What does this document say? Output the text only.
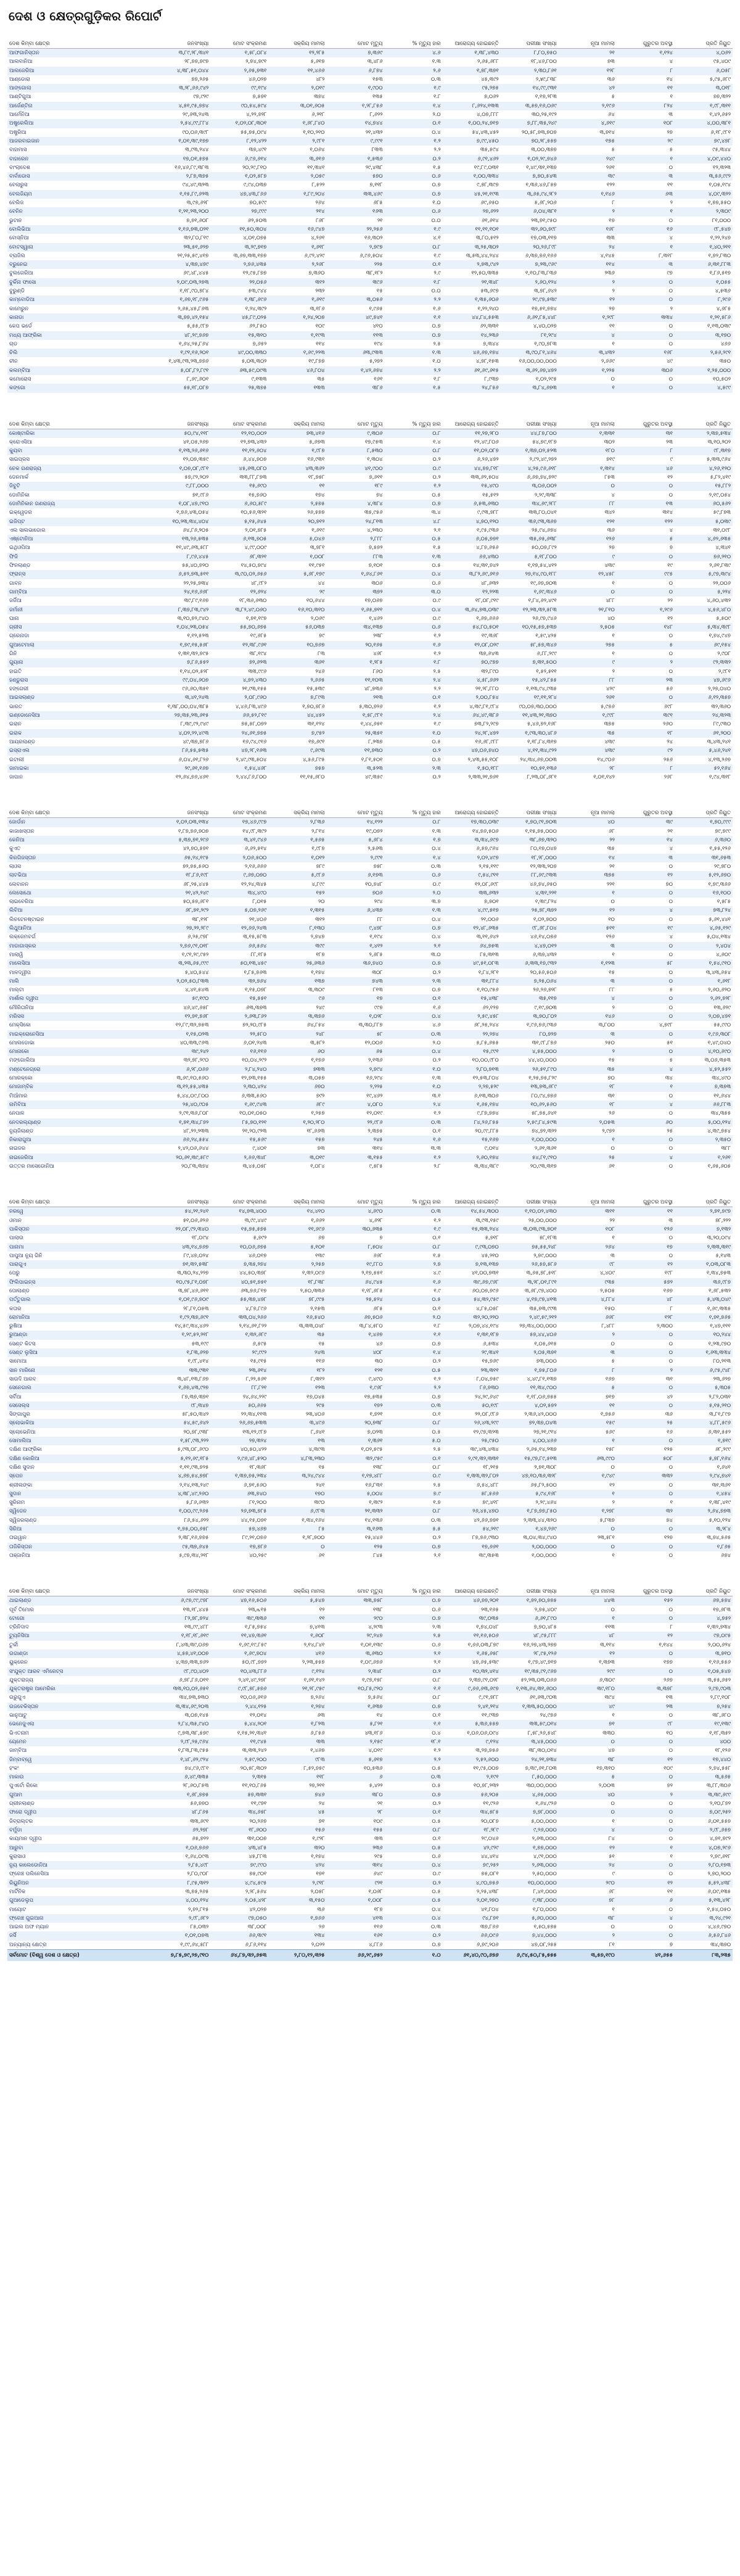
ଦେଶ ଓ କ୍ଷେତ୍ରଗୁଡ଼ିକର ରିପୋର୍ଟ
ଦେଶ କିମ୍ବା କ୍ଷେତ୍ର	ଜନସଂଖ୍ୟା	ମୋଟ ସଂକ୍ରମଣ	ସକ୍ରିୟ ମାମଲା	ମୋଟ ମୃତ୍ୟୁ	% ମୃତ୍ୟୁ ହାର	ଆରୋଗ୍ୟ ହୋଇଛନ୍ତି	ପରୀକ୍ଷା ସଂଖ୍ୟା	ନୂଆ ମାମଲା	ଗୁରୁତର ଅବସ୍ଥା	ପ୍ରତି ନିୟୁତ
ଆଫଗାନିସ୍ତାନ	୩,୮୯,୨୮,୩୪୧	୧,୫୮,୦୮୪	୧୨,୨୮୫	୭,୩୬୯	୪.୬	୧,୩୮,୪୩୦	୮,୮୦,୭୫୦	୨୧	୧,୧୨୪	୪,୦୬୨
ଆଲବାନିଆ	୨୮,୭୭,୭୯୭	୨,୭୪,୭୯୧	୫,୬୧୭	୩,୪୮୬	୧.୩	୨,୬୫,୬୮୮	୧୮,୪୬,୮୦୦	୭୩	୪	୯୫,୪୦୯
ଆଲଜେରିଆ	୪,୩୮,୫୧,୦୪୪	୨,୬୫,୭୩୧	୧୧,୪୬୬	୬,୮୭୪	୨.୬	୧,୭୮,୩୭୧	୨,୩୦,୮୬୧	୧୨୮	୮	୬,୦୫୮
ଆଣ୍ଡୋରା	୭୭,୨୬୫	୪୬,୦୨୭	୪୮୨	୧୫୩	୦.୩	୪୫,୩୯୨	୨,४୯,୮୩୮	୩୬	୧୪	୫,୯୫,୬୮୯
ଆଙ୍ଗୋଲା	୩,୨୮,୬୬,୯୪୨	୯୯,୧୯୪	୨,୦୧୯	୧,୯୦୦	୧.୯	୯୫,୨୭୫	୧୪,୯୯,୯୩୧	୪୨	୧୧	୩,୦୧୮
ଆଣ୍ଟିଗୁଆ	୯୭,୯୨୯	୭,୫୭୧	୩୭୪	୧୩୫	୧.୮	୭,୦୬୨	୧,୧୭,୨୮୩	୫	୧	୭୭,୩୨୨
ଆର୍ଜେଣ୍ଟିନା	୪,୫୧,୯୫,୭୭୪	୯୦,୫୪,୫୯୪	୩,୦୧,୬୦୫	୧,୨୮,୮୫୬	୧.୪	୮,୬୨୪,୧୩୩	୩,୫୭,୧୬,୦୬୯	୨,୧୯୬	୮୨୪	୧,୯୮,୩୧୧
ଆର୍ମେନିଆ	୨୯,୬୩,୨୪୩	୪,୨୨,୭୨୮	୬,୨୧୮	୮,୬୨୨	୨.୦	୪,୦୭,୮୮୮	୩୦,୨୫,୧୯୨	୬୪	୩	୧,୪୨,୬୫୨
ଅଷ୍ଟ୍ରେଲିଆ	୨,୫୪,୯୯,୮୮୪	୧,୦୨,୦୮,୩୦୧	୧,୬୮,୮୪୦	୧୪,୭୪୪	୦.୧	୧,୦୦,୨୪,୭୧୭	୭,୮୮,୩୫,୨୪୯	୪,୬୧୯	୧୦୮	୪,୦୦,୩୮୧
ଅଷ୍ଟ୍ରିଆ	୯୦,୦୬,୩୯୮	୫୫,୭୫,୦୯୪	୧,୧୦,୨୧୦	୨୧,୪୩୨	୦.୪	୫୪,୪୩,୪୫୨	୨୦,୫୮,୭୩,୭୦୭	୩,୭୧୪	୨୭	୬,୧୮,୯୮୧
ଆଜରବାଇଜାନ	୧,୦୧,୩୯,୧୭୭	୮,୧୨,୪୨୨	୨,୯୮୧	୯,୯୯୧	୧.୨	୭,୯୯,୪୫୦	୭୦,୨୮,୫୫୭	୧୭୫	୨୯	୭୯,୪୭୮
ବାହାମାସ	୩,୯୩,୨୪୪	୩୭,୪୯୧	୧,୦୬୪	୮୩୩	୨.୨	୩୫,୫୯୪	୩,୦୦,୩୭୭	୫	୫	୯୫,୩୪୪
ବାହାରେନ	୧୭,୦୧,୫୭୫	୬,୯୬,୬୧୪	୩,୬୧୬	୧,୫୩୬	୦.୨	୬,୯୧,୪୬୨	୧,୦୨,୨୯,୭୪୬	୨୪୯	୧	୪,୦୯,୪୪୦
ବାଂଲାଦେଶ	୧୬,୪୬,୮୯,୩୮୩	୨୦,୨୯,୮୧୦	୧୧,୩୪୧	୨୯,୪୩୮	୧.୫	୧୯,୮୯,୦୩୧	୧,୪୯,୩୧,୧୩୭	୨୬୧	୦	୧୨,୩୨୩
ବାର୍ବାଡୋସ	୨,୮୭,୩୭୫	୧,୦୨,୫୮୭	୨,୦୫୯	୫୭୦	୦.୬	୧,୦୦,୩୩୪	୭,୭୦,୫୪୩	୩୯	୩	୩,୫୬,୯୯୨
ବେଲାରୁସ	୯୪,୪୯,୩୨୩	୯,୯୪,୦୩୭	୮,୫୨୨	୭,୧୧୮	୦.୭	୯,୭୮,୩୯୭	୧,୩୬,୪୬,୮୫୭	୧୨୨	୧୧	୧,୦୫,୧୯୪
ବେଲଜିୟମ	୧,୧୫,୮୯,୬୨୩	୪୭,୪୩,୮୬୬	୧,୮୯,୨୦୪	୩୩,୪୬୯	୦.୭	୪୫,୨୧,୧୯୩	୩,୬୫,୯୪,୨୮୨	୧,୧୪୬	୬୩	୪,୦୯,୩୨୨
ବେଲିଜ	୩,୯୭,୬୨୮	୭୦,୫୯୯	୨୬୪	୬୮୫	୧.୦	୬୯,୬୫୦	୫,୬୮,୨୦୬	୮	୨	୧,୭୭,୫୫୦
ବେନିନ	୧,୨୧,୨୩,୨୦୦	୨୭,୯୯୯	୨୧୪	୧୬୩	୦.୬	୨୭,୬୨୨	୬,୦୪,୩୮୧	୨	୧	୨,୩୦୯
ଭୁଟାନ	୭,୭୧,୬୦୮	୬୨,୫୦୩	୮୬୮	୨୧	୦.୦	୬୧,୬୧୪	୨୩,୭୧,୯୫୦	୧୭	୦	୮୧,୦୦୦
ବୋଲିଭିଆ	୧,୧୬,୭୩,୦୨୧	୧୧,୫୦,୩୦୪	୧୬,୯୪୭	୨୨,୨୫୬	୧.୯	୧୧,୧୧,୧୦୧	୩୨,୬୦,୭୯୮	୧୬୮	୧୬	୯୮,୫୪୭
ବୋସ୍ନିଆ	୩୨,୮୦,୮୧୯	୪,୦୧,୦୭୫	୪,୨୬୧	୧୬,୩୦୨	୪.୧	୩,୮୦,୫୧୨	୧୭,୦୩,୧୧୭	୩୩	୪	୧,୨୨,୨୪୭
ବୋଟସ୍ୱାନା	୨୩,୫୧,୬୨୭	୩,୨୯,୭୧୭	୧,୬୧୮	୨,୭୯୭	୦.୮	୩,୨୫,୩୦୨	୨୦,୨୬,୮୯୮	୨୪	୧	୧,୪୦,୨୧୧
ବ୍ରାଜିଲ	୨୧,୨୫,୫୯,୪୧୭	୩,୬୭,୩୩,୧୭୭	୬,୯୨,୪୨୯	୬,୯୬,୫୦୪	୧.୯	୩,୫୩,୪୪,୨୪୪	୬,୩୭,୭୬,୧୬୬	୪,୧୪୫	୮,୩୧୮	୧,୭୨,୮୩୦
ବ୍ରୁନେଇ	୪,୩୭,୪୭୯	୨,୭୬,୪୩୫	୨,୨୬୮	୨୨୫	୦.୧	୨,୭୩,୯୪୨	୭,୨୩,୯୬୯	୧୧୪	୩	୬,୩୧,୮୮୩
ବୁଲଗେରିଆ	୬୯,୪୮,୪୪୫	୧୨,୯୫,୮୭୭	୭,୩୬୦	୩୮,୧୮୨	୨.୯	୧୨,୫୦,୩୩୫	୧,୧୦,୮୩,୮୩୬	୨୩୬	୯୭	୧,୮୬,୫୧୭
ବୁର୍କିନା ଫାସୋ	୨,୦୯,୦୩,୨୭୩	୨୨,୦୫୬	୩୧୨	୩୯୬	୧.୮	୨୧,୩୪୮	୨,୬୦,୧୨୪	୨	୦	୧,୦୫୫
ବୁରୁଣ୍ଡି	୧,୧୮,୯୦,୭୮୪	୫୩,୯୪୪	୨୩୨	୧୫	୦.୦	୫୩,୬୯୭	୩,୭୮,୬୪୨	୨	୦	୪,୫୩୬
କାମ୍ବୋଡିଆ	୧,୬୭,୧୮,୯୬୫	୧,୩୮,୬୯୬	୧,୬୧୯	୩,୦୫୬	୨.୨	୧,୩୫,୬୦୬	୨୯,୯୭,୫୩୯	୧୨	୦	୮,୨୯୬
କାମେରୁନ	୨,୬୫,୪୫,୮୬୩	୧,୨୪,୩୯୨	୩,୧୮୬	୧,୯୬୫	୧.୬	୧,୨୨,୨୪୦	୧୭,୫୧,୭୭୪	୨୭	୨	୪,୬୮୫
କାନାଡା	୩,୭୭,୪୨,୧୫୪	୪୫,୮୯,୦୨୫	୧,୨୪,୨୦୭	୪୯,୭୪୧	୧.୧	୪୪,୮୪,୫୫୩	୬,୬୧,୮୫,୪୪୮	୧,୨୯୮	୩୩୪	୧,୨୧,୫୮୬
କେପ ଭର୍ଡେ	୫,୫୫,୯୮୭	୬୨,୮୫୦	୧୦୯	୪୧୦	୦.୭	୬୨,୩୩୧	୪,୪୦,୦୨୭	୧୧	୦	୧,୧୩,୦୩୯
ମଧ୍ୟ ଆଫ୍ରିକା	୪୮,୨୯,୭୬୭	୧୫,୩୧୦	୧,୧୯୩	୧୧୩	୦.୭	୧୪,୨୩୬	୮୧,୨୯୪	୪	୦	୩,୧୭୦
ଚାଡ	୧,୬୪,୨୫,୮୬୪	୭,୬୫୨	୧୧୪	୧୯୪	୨.୫	୭,୩୪୪	୧,୯୦,୭୮୩	୧	୦	୪୬୬
ଚିଲି	୧,୯୧,୧୬,୨୦୧	୪୯,୦୦,୩୩୦	୧,୬୯,୨୨୩	୬୩,୯୩୩	୧.୩	୪୬,୬୭,୧୭୪	୩,୯୦,୮୧,୪୬୪	୩,୪୩୨	୧୬୮	୨,୫୬,୨୯୧
ଚୀନ	୧,୪୩,୯୩,୨୩,୭୭୬	୫,୦୩,୩୦୨	୧୯,୮୭୭	୫,୨୭୨	୧.୦	୪,୭୮,୧୫୩	୧୬,୦୦,୦୦,୦୦୦	୨,୬୬୯	୪୯	୩୫୦
କଲମ୍ବିଆ	୫,୦୮,୮୨,୮୯୧	୬୩,୫୯,୦୯୩	୪୬,୮୦୪	୧,୪୨,୬୭୪	୨.୨	୬୧,୬୯,୬୧୫	୩,୬୨,୬୭,୪୭୨	୧,୨୨୫	୩୦୬	୧,୨୫,୦୦୦
କମୋରୋସ	୮,୬୯,୬୦୧	୯,୧୩୩	୩୫	୧୬୧	୧.୮	୮,୯୩୭	୧,୦୨,୨୯୫	୦	୦	୧୦,୫୦୨
କଙ୍ଗୋ	୫୫,୧୮,୦୮୭	୨୫,୩୭୫	୧୩୩	୩୮୬	୧.୫	୨୪,୮୫୬	୩,୮୪,୬୭୩	୧	୦	୪,୫୯୯
ଦେଶ କିମ୍ବା କ୍ଷେତ୍ର	ଜନସଂଖ୍ୟା	ମୋଟ ସଂକ୍ରମଣ	ସକ୍ରିୟ ମାମଲା	ମୋଟ ମୃତ୍ୟୁ	% ମୃତ୍ୟୁ ହାର	ଆରୋଗ୍ୟ ହୋଇଛନ୍ତି	ପରୀକ୍ଷା ସଂଖ୍ୟା	ନୂଆ ମାମଲା	ଗୁରୁତର ଅବସ୍ଥା	ପ୍ରତି ନିୟୁତ
କୋଷ୍ଟାରିକା	୫୦,୯୪,୧୧୮	୧୨,୧୦,୦୦୨	୭୩,୪୧୬	୯,୩୦୬	୦.୮	୧୧,୨୭,୨୮୦	୪୪,୮୭,୮୦୦	୧,୩୩୧	୩୧	୨,୩୭,୫୩୪
କ୍ରୋଏସିଆ	୪୧,୦୫,୨୬୭	୧୨,୭୩,୪୩୨	୫,୬୭୩	୧୭,୯୫୩	୧.୪	୧୨,୪୯,୮୦୬	୫୪,୭୯,୧୮୭	୩୦୨	୨୩	୩,୧୦,୨୦୨
କ୍ୟୁବା	୧,୧୩,୨୬,୬୧୬	୧୧,୧୨,୬୦୪	୧,୯୮୭	୮,୫୩୦	୦.୮	୧୧,୦୨,୦୮୭	୧,୩୭,୦୨,୫୨୩	୧୮୦	୮	୯୮,୩୧୭
ସାଇପ୍ରସ	୧୨,୦୭,୩୫୯	୬,୪୪,୭୦୭	୧୬,୯୩୧	୧,୩୦୪	୦.୨	୬,୨୬,୪୭୨	୨,୯୨,୪୯,୨୭୨	୭୧୯	୯	୫,୩୩,୯୬୪
ଚେକ ଗଣରାଜ୍ୟ	୧,୦୭,୦୮,୯୮୧	୪୫,୬୩,୦୮୦	୪୩,୩୬୨	୪୧,୯୦୦	୦.୯	୪୪,୭୭,୮୧୮	୪,୨୫,୯୬,୬୧୮	୧,୩୧୪	୪୬	୪,୨୬,୧୨୦
ଡେନମାର୍କ	୫୭,୯୨,୨୦୨	୩୩,୮୮,୮୭୩	୧୮,୭୫୮	୭,୬୧୧	୦.୨	୩୩,୬୨,୫୦୪	୬,୬୭,୭୪,୭୨୯	୮୫୩	୧୨	୫,୮୨,୪୧୯
ଜିବୁଟି	୯,୮୮,୦୦୦	୧୫,୬୯୦	୧୧	୧୮୯	୧.୨	୧୫,୪୯୦	୩,୦୬,୦୦୨	୦	୦	୧୫,୮୮୨
ଡୋମିନିକା	୭୧,୯୮୬	୧୫,୭୬୦	୧୭୪	୭୪	୦.୫	୧୫,୫୧୨	୨,୨୯,୩୩୮	୪	୦	୨,୧୯,୦୫୪
ଡୋମିନିକାନ ଗଣରାଜ୍ୟ	୧,୦୮,୪୭,୯୧୦	୬,୬୦,୫୮୯	୨,୫୭୫	୪,୩୮୪	୦.୭	୬,୫୩,୬୩୦	୩୪,୬୯,୨୮୮	୮୮	୧୩	୬୦,୫୬୨
ଇକ୍ୱେଡର	୧,୭୬,୪୩,୦୫୪	୧୦,୫୬,୩୨୧	୨୬,୫୭୭	୩୫,୯୫୬	୩.୪	୯,୯୩,୭୮୮	୩୩,୮୦,୦୪୧	୩୪୨	୩୧୪	୫୯,୮୭୩
ଇଜିପ୍ଟ	୧୦,୨୩,୩୪,୪୦୪	୫,୧୫,୬୪୫	୨୦,୭୧୨	୨୪,୮୧୩	୪.୮	୪,୭୦,୧୨୦	୩୬,୯୩,୩୬୭	୧୨୧	୧୨୨	୫,୦୩୯
ଏଲ ସାଲଭାଡୋର	୬୪,୮୬,୨୦୫	୨,୦୧,୭୮୫	୧,୬୧୯	୪,୨୩୦	୨.୧	୧,୯୫,୯୩୬	୨୫,୯୪,୬୭୪	୩୬	୪	୩୧,୦୯୮
ଏଷ୍ଟୋନିଆ	୧୩,୨୬,୫୩୫	୬,୧୩,୭୦୫	୫,୦୪୬	୨,୮୮୮	୦.୫	୬,୦୫,୭୭୧	୩୫,୬୫,୬୩୮	୧୨୬	୫	୪,୬୨,୬୩୫
ଇଥିଓପିଆ	୧୧,୪୯,୬୩,୫୮୮	୪,୯୯,୦୦୯	୩,୭୮୧	୭,୫୭୨	୧.୫	୪,୮୭,୬୫୬	୫୦,୦୭,୮୯୨	୨୭	୭	୪,୩୪୧
ଫିଜି	୮,୯୬,୪୪୫	୬୮,୩୨୧	୧,୦୦୮	୮୮୩	୧.୩	୬୬,୪୩୦	୫,୧୮,୮୦୦	୯	୦	୭୬,୨୧୦
ଫିନଲାଣ୍ଡ	୫୫,୪୦,୭୨୦	୧୪,୫୦,୭୯୪	୧୧,୯୫୧	୭,୧୦୧	୦.୫	୧୪,୩୧,୭୪୨	୧,୧୭,୫୪,୪୧୨	୪୩୯	୧୯	୨,୬୧,୮୩୯
ଫ୍ରାନ୍ସ	୬,୫୨,୭୩,୫୧୧	୩,୯୦,୦୨,୬୫୬	୫,୬୮,୧୭୯	୧,୬୪,୮୬୧	୦.୪	୩,୮୨,୬୯,୬୧୬	୨୭,୧୪,୯୦,୧୮୮	୧୨,୪୫୮	୯୯୫	୫,୯୭,୩୯୪
ଗାବନ	୨୨,୨୫,୭୩୪	୪୮,୯୮୨	୪୪	୩୦୬	୦.୬	୪୮,୬୩୨	୧୯,୬୭,୭୦୩	୧	୦	୨୨,୦୦୬
ଗାମ୍ବିଆ	୨୪,୧୬,୬୬୮	୧୨,୬୨୪	୨୯	୩୭୨	୩.୦	୧୨,୨୨୩	୧,୬୯,୩୪୬	୦	୦	୫,୨୨୪
ଜର୍ଜିଆ	୩୯,୮୯,୧୬୭	୧୮,୩୬,୬୩୦	୧୦,୬୪୪	୧୭,୦୬୭	୦.୯	୧୮,୦୮,୯୧୯	୧,୮୪,୬୨,୪୯୧	୪୮୮	୨୨	୪,୬୦,୪୩୨
ଜର୍ମାନୀ	୮,୩୭,୮୩,୯୪୨	୩,୮୨,୪୯,୦୬୦	୧୬,୧୦,୩୧୦	୧,୬୫,୭୧୧	୦.୪	୩,୬୪,୭୩,୦୩୯	୧୨,୨୩,୩୨,୫୮୩	୨୧,୮୧୦	୧,୨୯୬	୪,୫୬,୪୮୦
ଘାନା	୩,୧୦,୭୨,୯୪୦	୧,୭୧,୧୯୭	୨,୦୬୯	୧,୪୬୨	୦.୯	୧,୬୭,୬୬୬	୨୬,୯୭,୯୪୬	୪୦	୧୨	୫,୫୦୯
ଗ୍ରୀସ	୧,୦୪,୨୩,୦୫୪	୫୫,୭୦,୬୭୫	୫୬,୦୩୭	୩୪,୧୩୭	୦.୬	୫୪,୮୦,୫୦୧	୧୦,୧୫,୫୭,୫୩୭	୨,୫୦୫	୧୪୮	୫,୩୪,୩୯୮
ଗ୍ରେନାଡା	୧,୧୨,୫୨୩	୧୯,୬୮୫	୭୯	୨୩୮	୧.୨	୧୯,୩୬୮	୧,୫୯,୪୨୫	୧	୦	୧,୭୪,୯୪୭
ଗୁଆଟେମାଲା	୧,୭୯,୧୫,୫୬୮	୧୨,୩୮,୯୬୧	୧୦,୭୬୭	୨୦,୧୬୫	୧.୬	୧୨,୦୮,୦୨୯	୫୮,୫୭,୩୪୬	୨୭୫	୫	୬୯,୧୫୪
ଗିନି	୧,୩୧,୩୨,୭୯୫	୩୮,୧୯୪	୮୩	୪୬୮	୧.୨	୩୭,୬୪୩	୬,୮୮,୨୯୯	୧	୦	୨,୯୦୮
ଗୁୟାନା	୭,୮୬,୫୫୨	୭୨,୬୨୩	୩୬୧	୧,୨୮୫	୧.୮	୭୦,୯୭୭	୭,୩୧,୫୦୦	୯	୨	୯୨,୩୩୨
ହାଇତି	୧,୧୪,୦୨,୫୨୮	୩୩,୯୯୬	୨୪୬	୮୬୦	୨.୫	୩୨,୮୯୦	୧,୫୨,୫୧୧	୨	୦	୨,୯୮୧
ହଣ୍ଡୁରାସ	୯୯,୦୪,୬୦୭	୪,୭୨,୪୩୦	୨,୬୬୫	୧୧,୧୦୩	୨.୪	୪,୫୮,୬୬୨	୧୫,୪୨,୮୫୫	୮୮	୨୩	୪୭,୬୯୬
ହଙ୍ଗେରୀ	୯୬,୬୦,୩୫୧	୨୧,୯୩,୧୫୫	୧୫,୫୩୯	୪୮,୭୩୬	୨.୨	୨୧,୨୮,୮୮୦	୧,୧୩,୯୪,୯୩୫	୪୨୯	୫୬	୨,୨୭,୦୪୦
ଆଇସଲାଣ୍ଡ	୩,୪୧,୨୪୩	୨,୦୮,୯୬୦	୭,୮୯୩	୨୧୩	୦.୧	୨,୦୦,୮୫୪	୧୯,୧୧,୨୮୪	୨୬୧	୦	୬,୧୨,୩୫୭
ଭାରତ	୧,୩୮,୦୦,୦୪,୩୮୫	୪,୪୬,୮୩,୪୯୬	୧,୭୦,୭୮୬	୫,୩୦,୭୨୬	୧.୨	୪,୩୯,୮୧,୯୮୪	୯୦,୦୭,୩୦,୦୦୦	୫,୯୭୬	୬୯୮	୩୨,୩୬୦
ଇଣ୍ଡୋନେସିଆ	୨୭,୩୫,୨୩,୬୧୫	୬୬,୫୨,୮୧୯	୪୪,୪୫୨	୧,୫୮,୯୮୧	୨.୪	୬୪,୪୯,୩୮୬	୧୧,୪୩,୨୧,୩୭୦	୧,୯୯୮	୩୯୧	୨୪,୩୨୩
ଇରାନ	୮,୩୯,୯୨,୯୪୯	୭୫,୫୮,୦୭୨	୩୧,୧୨୪	୧,୪୪,୬୫୧	୧.୯	୭୩,୮୨,୨୯୭	୫,୪୬,୭୨,୧୬୮	୩୭୫	୨୬୦	୮୯,୯୩୦
ଇରାକ	୪,୦୨,୨୨,୪୯୩	୨୪,୬୧,୭୭୫	୭,୯୫୨	୨୫,୩୫୧	୧.୦	୨୪,୨୮,୪୭୨	୧,୯୩,୩୦,୪୮୬	୩୫	୧୮	୬୧,୨୦୦
ଆୟରଲାଣ୍ଡ	୪୯,୩୭,୭୮୬	୧୬,୯୪,୯୧୬	୧୭,୬୯୧	୮,୨୩୭	୦.୫	୧୬,୬୮,୯୮୮	୧,୧୮,୮୪,୩୧୭	୪୩୯	୨୪	୩,୪୩,୨୪୧
ଇସ୍ରାଏଲ	୮୬,୫୫,୫୩୫	୪୭,୨୮,୧୬୩	୯,୬୯୩	୧୧,୭୩୦	୦.୨	୪୭,୦୬,୭୪୦	୪,୧୧,୩୪,୯୨୨	୪୩୯	୯୨	୫,୪୬,୨୪୧
ଇଟାଲୀ	୬,୦୪,୬୧,୮୨୬	୨,୪୯,୯୩,୫୦୪	୪,୫୬,୮୯୫	୧,୮୧,୫୦୧	୦.୭	୨,୪୩,୫୫,୧୦୮	୨୪,୩୪,୬୭,୦୦୩	୧୪,୯୦୬	୨୫୬	୪,୧୩,୨୬୭
ଜାମାଇକା	୨୯,୬୧,୧୬୭	୧,୫୪,୪୬୮	୭୫୭	୩,୫୨୩	୨.୩	୧,୫୦,୧୮୮	୧୦,୫୧,୧୩୬	୨୮	୮	୫୨,୧୬୪
ଜାପାନ	୧୨,୬୪,୭୬,୪୬୧	୨,୪୪,୮୬,୮୦୦	୧୧,୧୫,୬୮୦	୪୯,୩୫୯	୦.୨	୨,୩୩,୨୧,୭୬୧	୮,୨୩,୦୮,୬୮୧	୧,୦୧,୧୪୨	୨୬୮	୧,୯୪,୩୧୮
ଦେଶ କିମ୍ବା କ୍ଷେତ୍ର	ଜନସଂଖ୍ୟା	ମୋଟ ସଂକ୍ରମଣ	ସକ୍ରିୟ ମାମଲା	ମୋଟ ମୃତ୍ୟୁ	% ମୃତ୍ୟୁ ହାର	ଆରୋଗ୍ୟ ହୋଇଛନ୍ତି	ପରୀକ୍ଷା ସଂଖ୍ୟା	ନୂଆ ମାମଲା	ଗୁରୁତର ଅବସ୍ଥା	ପ୍ରତି ନିୟୁତ
ଜୋର୍ଡାନ	୧,୦୨,୦୩,୧୩୪	୧୭,୪୬,୯୯୭	୨,୮୩୬	୧୪,୧୨୨	୦.୮	୧୭,୩୦,୦୩୯	୧,୭୦,୯୧,୭୦୩	୪୦	୩୯	୧,୭୦,୯୯୯
କାଜାଖସ୍ତାନ	୧,୮୭,୭୬,୭୦୭	୧୪,୯୮,୩୯୨	୨,୮୧୪	୧୯,୦୭୨	୧.୩	୧୪,୭୬,୫୦୬	୧,୧୫,୭୫,୦୦୦	୬୮	୨୧	୭୯,୭୯୯
କେନିଆ	୫,୩୭,୭୧,୨୯୬	୩,୪୧,୯୪୬	୧,୫୬୫	୫,୬୮୪	୧.୭	୩,୩୪,୬୯୭	୩୮,୬୭,୩୨୦	୨୨	୧୪	୬,୩୬୦
କୁଏତ	୪୨,୭୦,୫୭୧	୬,୬୨,୫୧୪	୧,୯୮୭	୨,୫୬୩	୦.୪	୬,୫୭,୯୬୪	୮୦,୧୭,୦୪୭	୩୫	୪	୧,୫୫,୧୨୬
କିରଗିଜସ୍ତାନ	୬୫,୨୪,୧୯୫	୨,୦୬,୫୦୦	୧,୦୧୨	୨,୯୯୧	୧.୪	୨,୦୨,୪୯୭	୧୮,୨୮,୦୦୦	୧୪	୩	୩୧,୬୫୩
ଲାଓସ	୭୨,୭୫,୫୬୦	୨,୧୬,୬୬୬	୭୮୯	୭୫୮	୦.୩	୨,୧୫,୧୧୯	୧୨,୩୩,୨୦୭	୨୧	୦	୨୯,୭୮୦
ଲାଟଭିଆ	୧୮,୮୬,୧୯୮	୯,୬୭,୦୭୦	୫,୯୮୬	୬,୧୭୩	୦.୬	୯,୫୪,୯୧୧	୮୮,୬୯,୯୩୩	୩୭୫	୧୨	୫,୧୨,୬୭୦
ଲେବାନନ	୬୮,୨୫,୪୪୫	୧୨,୨୪,୩୪୫	୪,୮୯୯	୧୦,୭୪୮	୦.୯	୧୨,୦୮,୬୯୮	୪୬,୭୪,୬୫୦	୨୨୧	୭୦	୧,୭୯,୩୬୬
ଲେସୋଥୋ	୨୧,୪୨,୨୪୯	୩୪,୪୯୦	୧୫୨	୭୦୬	୨.୦	୩୩,୬୩୨	୪,୩୧,୨୨୧	୧	୦	୧୬,୧୦୦
ଲାଇବେରିଆ	୫୦,୫୭,୬୮୧	୮,୦୧୫	୨୦	୨୯୪	୩.୭	୭,୭୦୧	୧,୩୯,୮୨୪	୦	୦	୧,୫୮୫
ଲିବିଆ	୬୮,୭୧,୨୯୨	୫,୦୭,୨୬୯	୧,୩୧୫	୬,୪୩୭	୧.୩	୪,୯୯,୫୧୭	୨୫,୭୮,୩୭୨	୧୨	୪	୭୩,୮୨୪
ଲିଚଟେନଷ୍ଟାଇନ	୩୮,୧୨୮	୨୧,୪୦୬	୩୧୨	୮୮	୦.୪	୨୧,୦୦୬	୧,୦୨,୭୦୦	୧୦	୦	୫,୬୧,୪୪୧
ଲିଥୁଆନିଆ	୨୭,୨୨,୨୮୯	୧୨,୬୬,୨୪୩	୮,୧୩୦	୯,୪୭୮	୦.୭	୧୨,୪୮,୬୩୫	୯୮,୬୮,୮୦୪	୫୧୧	୧୯	୪,୬୫,୧୨୯
ଲକ୍ଜେମବର୍ଗ	୬,୨୫,୯୭୮	୩,୧୫,୫୮୩	୨,୭୪୭	୧,୧୯୪	୦.୪	୩,୧୧,୬୪୨	୪୬,୧୪,୦୭୬	୧୨୬	୪	୫,୦୪,୧୩୪
ମାଡାଗାସ୍କର	୨,୭୬,୯୧,୦୧୮	୬୬,୫୬୪	୩୯୯	୧,୪୧୨	୨.୧	୬୪,୭୫୩	୪,୪୭,୦୧୨	୩	୦	୨,୪୦୪
ମାଲାୱି	୧,୯୧,୨୯,୯୫୨	୮୮,୧୮୫	୧୮୭	୨,୬୮୫	୩.୦	୮୫,୩୧୩	୬,୩୭,୪୩୨	୧	୦	୪,୬୦୯
ମାଲେସିଆ	୩,୨୩,୬୫,୯୯୯	୫୦,୧୩,୪୫୯	୨୫,୬୩୬	୩୬,୭୪୦	୦.୭	୪୯,୫୧,୦୮୩	୬,୩୩,୧୭,୯୩୨	୧,୧୨୩	୫୮	୧,୫୪,୯୧୦
ମାଳଦ୍ୱୀପ	୫,୪୦,୫୪୪	୧,୮୫,୭୬୩	୧,୧୭୪	୩୦୮	୦.୨	୧,୮୪,୨୮୧	୨୦,୫୬,୫୦୬	୧୫	୦	୩,୪୩,୬୫୪
ମାଲି	୨,୦୨,୫୦,୮୩୩	୩୨,୭୬୪	୧୩୭	୭୪୩	୨.୩	୩୧,୮୮୪	୭,୨୫,୦୬୪	୩	୦	୧,୬୧୮
ମାଲ୍ଟା	୪,୪୧,୫୪୩	୧,୧୫,୦୭୮	୩,୩୦୯	୮୧୩	୦.୭	୧,୧୦,୯୫୬	୨୬,୨୬,୭୨୮	୮୮	୫	୨,୬୦,୬୨୦
ମାର୍ଶାଲ ଦ୍ୱୀପ	୫୯,୧୯୦	୧୫,୫୫୧	୯୬	୧୭	୦.୧	୧୫,୪୩୮	୩୫,୧୧୭	୪	୦	୨,୬୨,୭୨୮
ମୌରିତାନିଆ	୪୬,୪୯,୬୫୮	୬୩,୩୭୩	୨୪୯	୯୯୭	୧.୬	୬୨,୧୨୭	୯,୧୯,୭୦୩	୨	୦	୧୩,୬୨୯
ମରିସସ	୧୨,୭୧,୭୬୮	୨,୬୩,୮୬୨	୩,୩୭୬	୧,୦୨୮	୦.୪	୨,୫୯,୪୫୮	୩,୭୦,୮୦୨	୧୪୬	୦	୨,୦୭,୪୭୧
ମେକ୍ସିକୋ	୧୨,୮୯,୩୨,୭୫୩	୭୨,୨୦,୯୮୫	୬୪,୮୫୪	୩,୩୦,୮୮୭	୪.୬	୬୮,୨୫,୨୪୪	୧,୯୬,୭୬,୯୩୬	୩,୮୦୦	୪,୭୯୮	୫୫,୯୯୦
ମାଇକ୍ରୋନେସିଆ	୧,୧୫,୦୨୩	୨୨,୫୮୦	୨୪୮	୫୮	୦.୩	୨୨,୨୭୪	୮୦,୭୨୭	୩	୦	୧,୯୬,୩୦୮
ମୋଲଡୋଭା	୪୦,୩୩,୯୬୩	୬,୦୧,୨୪୩	୩,୫୮୨	୧୨,୦୦୬	୨.୦	୫,୮୫,୬୫୫	୩୧,୯୮,୮୭୬	୨୫୦	୫୧	୧,୪୯,୦୪୦
ମୋନାକୋ	୩୯,୨୪୨	୧୬,୧୧୬	୬୦	୬୫	୦.୪	୧୫,୯୯୧	୪,୫୫,୦୦୦	୨	୦	୪,୧୦,୬୯୦
ମଙ୍ଗୋଲିଆ	୩୨,୭୮,୨୯୦	୧୦,୦୪,୨୯୨	୧,୧୭୬	୨,୧୩୬	୦.୨	୧୦,୦୦,୯୮୦	୪୪,୪୦,୦୦୦	୧୫	୫	୩,୦୬,୩୫୩
ମଣ୍ଟେନେଗ୍ରୋ	୬,୨୮,୦୬୬	୨,୮୪,୨୪୦	୭୩୩	୨,୭୯୪	୧.୦	୨,୮୦,୭୧୩	୨୬,୫୧,୮୯୦	୩୫	୪	୪,୫୨,୫୫୨
ମୋରକ୍କୋ	୩,୬୯,୧୦,୫୬୦	୧୨,୭୩,୧୫୫	୩,୦୫୭	୧୬,୨୯୪	୧.୩	୧୨,୫୩,୮୦୪	୧,୨୫,୭୫,୮୨୯	୭୦	୩୪	୩୪,୪୯୦
ମୋଜାମ୍ବିକ	୩,୧୨,୫୫,୪୩୫	୨,୩୦,୪୨୪	୬୭୦	୨,୨୨୫	୧.୦	୨,୨୭,୫୨୯	୧୩,୭୩,୬୮୯	୧୮	୧	୭,୩୭୩
ମିଆଁମାର	୫,୪୪,୦୯,୮୦୦	୬,୩୩,୫୬୦	୭୯୨	୧୯,୪୬୨	୩.୧	୬,୧୩,୩୦୬	୮୦,୯୪,୭୭୬	୩୧	୦	୧୧,୬୪୪
ନାମିବିଆ	୨୫,୪୦,୯୦୫	୧,୬୯,୯୪୩	୬୮୯	୪,୦୮୦	୨.୪	୧,୬୫,୧୭୪	୧୦,୬୨,୫୬୦	୧୮	୪	୬୬,୮୮୩
ନେପାଳ	୨,୯୧,୩୬,୮୦୮	୧୦,୦୧,୦୫୦	୧,୨୫୭	୧୨,୦୧୯	୧.୨	୯,୮୭,୭୭୪	୫୮,୭୫,୬୪୧	୨୬	୦	୩୪,୩୫୫
ନେଦରଲ୍ୟାଣ୍ଡ	୧,୭୧,୩୪,୮୭୨	୮୫,୭୦,୧୨୧	୧,୨୦,୨୮୦	୨୨,୯୮୬	୦.୩	୮୪,୨୬,୮୫୫	୨,୫୯,୮୪,୫୯୩	୨,୦୫୩	୬୦	୫,୦୦,୧୨୪
ନ୍ୟୁଜିଲାଣ୍ଡ	୪୮,୨୨,୨୩୩	୨୧,୨୦,୯୨୩	୧୮,୬୬୩	୨,୩୭୫	୦.୧	୨୦,୯୯,୮୮୫	୭୪,୭୨,୩୨୨	୨,୯୭୨	୨୫	୪,୩୯,୭୫୪
ନିକାରାଗୁଆ	୬୬,୨୪,୫୫୪	୧୫,୫୬୯	୧୫୭	୨୪୫	୧.୬	୧୫,୧୬୭	୧,୦୦,୦୦୦	୧	୦	୨,୩୫୦
ନାଇଜର	୨,୪୨,୦୬,୬୪୪	୯,୪୦୧	୭୩	୩୧୪	୩.୩	୯,୦୧୪	୨,୬୧,୩୬୧	୦	୦	୩୮୮
ନାଇଜେରିଆ	୨୦,୬୧,୩୯,୫୮୯	୨,୬୬,୩୪୮	୩,୦୧୯	୩,୧୫୫	୧.୨	୨,୬୦,୧୭୪	୫୪,୮୧,୯୧୦	୨୫	୪	୧,୨୬୧
ଉତ୍ତର ମାସେଡୋନିଆ	୨୦,୮୩,୩୭୪	୩,୪୫,୦୫୮	୧,୦୮୪	୯,୫୮୫	୨.୮	୩,୩୪,୩୮୯	୨୦,୯୩,୩୧୭	୬୧	୦	୧,୬୫,୬୦୫
ଦେଶ କିମ୍ବା କ୍ଷେତ୍ର	ଜନସଂଖ୍ୟା	ମୋଟ ସଂକ୍ରମଣ	ସକ୍ରିୟ ମାମଲା	ମୋଟ ମୃତ୍ୟୁ	% ମୃତ୍ୟୁ ହାର	ଆରୋଗ୍ୟ ହୋଇଛନ୍ତି	ପରୀକ୍ଷା ସଂଖ୍ୟା	ନୂଆ ମାମଲା	ଗୁରୁତର ଅବସ୍ଥା	ପ୍ରତି ନିୟୁତ
ନରୱେ	୫୪,୨୧,୨୪୧	୧୪,୭୩,୪୦୦	୧୪,୪୧୦	୪,୬୯୦	୦.୩	୧୪,୫୪,୩୦୦	୧,୧୦,୦୨,୪୩୦	୩୧୧	୧୧	୨,୭୧,୭୯୭
ଓମାନ	୫୧,୦୬,୬୨୬	୩,୯୯,୪୪୯	୧,୬୬୨	୪,୬୨୮	୧.୨	୩,୯୩,୧୫୯	୨୫,୦୦,୦୦୦	୨୨	୩	୭୮,୨୨୨
ପାକିସ୍ତାନ	୨୨,୦୮,୯୨,୩୪୦	୧୫,୭୫,୫୭୫	୧୧,୬୯୬	୩୦,୬୩୫	୧.୯	୧୫,୩୩,୨୪୪	୩,୦୩,୯୩,୭୦୧	୧୦୮	୧୨୬	୭,୧୩୨
ପାଲାଉ	୧୮,୦୯୪	୫,୭୯୨	୬୭	୭	୦.୧	୫,୭୧୮	୫୮,୧୮୩	୧	୦	୩,୨୦,୦୯୪
ପାନାମା	୪୩,୧୪,୭୬୭	୧୦,୦୬,୬୭୫	୫,୧୦୧	୮,୫୦୪	୦.୮	୯,୯୩,୦୭୦	୭୫,୫୫,୨୪୮	୨୬୪	୧୭	୨,୩୩,୩୧୯
ପାପୁଆ ନ୍ୟୁ ଗିନି	୮୯,୪୭,୦୨୪	୪୬,୦୧୭	୧୩୯	୬୬୮	୧.୫	୪୫,୨୧୦	୨,୭୯,୦୦୦	୩	୦	୫,୧୪୩
ପାରାଗୁଏ	୭୧,୩୨,୫୩୮	୭,୩୫,୨୭୪	୨,୨୫୭	୧୯,୮୮୦	୨.୭	୭,୧୩,୧୩୭	୨୬,୫୭,୫୮୬	୯୮	୧୨	୧,୦୩,୦୮୩
ପେରୁ	୩,୩୦,୨୪,୨୨୭	୪୪,୫୦,୩୭୮	୧,୩୨,୦୯୬	୨,୧୭,୫୫୧	୪.୯	୪୧,୦୦,୭୩୧	୩,୬୫,୭୮,୫୧୮	୪,୪୦୯	୧୯୮	୧,୩୪,୭୫୩
ଫିଲିପାଇନ୍ସ	୧୦,୯୫,୮୧,୦୭୮	୪୦,୫୧,୭୫୧	୧୮,୮୩୮	୬୪,୯୪୫	୧.୬	୩୯,୬୭,୯୬୮	୩,୨୮,୦୧,୮୯୧	୯୩୫	୫୭୨	୩୬,୯୮୭
ପୋଲାଣ୍ଡ	୩,୭୮,୪୬,୬୧୧	୬୩,୭୬,୮୧୭	୨,୫୦,୩୩୬	୧,୧୮,୬୮୫	୧.୯	୬୦,୦୭,୭୯୬	୩,୬୮,୯୭,୪୦୦	୨,୫୦୫	୧୬୭	୧,୬୮,୫୩୨
ପର୍ତ୍ତୁଗାଲ	୧,୦୧,୯୬,୭୦୯	୫୫,୩୭,୪୭୮	୭୮,୯୯୫	୨୫,୫୨୪	୦.୫	୫୪,୩୨,୯୫୯	୪,୧୭,୯୭,୪୧୩	୪,୮୮୪	୪୮	୫,୪୩,୦୪୯
କତାର	୨୮,୮୧,୦୫୩	୪,୮୭,୮୯୬	୨,୧୫୩	୬୮୫	୦.୧	୪,୮୫,୦୫୮	୩୫,୭୩,୯୯୩	୧୫୦	୮	୧,୬୯,୩୩୫
ରୋମାନିଆ	୧,୯୨,୩୭,୬୯୧	୩୩,୦୪,୨୬୬	୧୬,୫୪୦	୬୭,୫୦୬	୨.୦	୩୨,୨୦,୨୨୦	୨,୪୯,୫୯,୨୧୨	୬୬୮	୧୨୮	୧,୭୧,୭୬୫
ରୁଷିଆ	୧୪,୫୯,୩୪,୪୬୨	୨,୧୪,୬୧,୮୨୨	୩,୩୩,୦୪୮	୩,୮୪,୫୮୦	୧.୮	୨,୦୭,୪୪,୧୯୪	୨୭,୩୪,୦୦,୦୦୦	୮,୪୮୮	୨,୩୦୦	୧,୪୭,୧୧୧
ରୁଆଣ୍ଡା	୧,୨୯,୫୨,୨୧୮	୧,୩୨,୬୮୯	୩୫	୧,୪୬୭	୧.୧	୧,୩୧,୧୮୭	୫୭,୪୪,୪୦୬	୨	୦	୧୦,୨୪୪
ସେଣ୍ଟ କିଟସ	୫୩,୧୯୯	୬,୫୯୫	୧୫	୪୬	୦.୭	୬,୫୩୪	୧,୦୫,୬୧୫	୦	୦	୧,୨୩,୯୭୦
ସେଣ୍ଟ ଲୁସିଆ	୧,୮୩,୬୨୭	୨୯,୯୯୨	୨୪୩	୪୦୮	୧.୪	୨୯,୩୪୧	୨,୦୫,୩୭୧	୩	୦	୧,୬୩,୩୩୪
ସାମୋଆ	୧,୯୮,୪୧୪	୧୫,୯୧୫	୧୧୬	୩୦	୦.୨	୧୫,୭୬୯	୭୩,୦୦୦	୫	୦	୮୦,୨୧୩
ସାନ ମାରିନୋ	୩୩,୯୩୧	୨୩,୬୧୪	୧୮୨	୧୨୧	୦.୫	୨୩,୩୧୧	୧,୭୫,୮୦୬	୮	୨	୬,୯୫,୯୪୮
ସାଉଦି ଆରବ	୩,୪୮,୧୩,୮୬୭	୮,୨୨,୫୬୧	୮,୩୧୨	୯,୪୯୦	୧.୨	୮,୦୪,୭୫୯	୪,୪୯,୮୧,୧୩୭	୧୬୭	୩୧	୨୩,୬୨୭
ସେନେଗାଲ	୧,୬୭,୪୩,୯୨୭	୮୮,୮୨୧	୧୨୩	୧,୯୬୮	୨.୨	୮୬,୭୩୦	୧୧,୩୪,୯୦୦	୫	୦	୫,୩୦୫
ସର୍ବିଆ	୮୭,୩୭,୩୭୧	୨୪,୬୪,୨୨୯	୧୭,୦୪୫	୧୭,୫୩୫	୦.୭	୨୪,୨୯,୬୪୯	୧,୧୮,୦୬,୭୫୫	୭୧୭	୪୨	୨,୮୨,୦୩୧
ସେସେଲ୍ସ	୯୮,୩୪୭	୫୦,୬୬୫	୨୯୫	୧୭୨	୦.୩	୫୦,୧୯୮	୪,୦୨,୫୭୨	୧୧	୦	୫,୧୫,୨୧୦
ସିଙ୍ଗାପୁର	୫୮,୫୦,୩୪୨	୨୨,୩୪,୧୧୩	୨୩,୪୦୬	୧,୭୨୧	୦.୧	୨୨,୦୮,୯୮୬	୨,୩୬,୪୨,୦୦୦	୧,୭୫୬	୩୬	୩,୮୧,୮୯୭
ସ୍ଲୋଭାକିଆ	୫୪,୫୯,୬୪୨	୨୬,୬୭,୫୩୩	୩,୪୯୬	୨୦,୭୩୮	୦.୮	୨୬,୪୩,୨୯୯	୭୨,୩୭,୦୪୩	୧୫୯	୨୫	୪,୮୮,୫୯୬
ସ୍ଲୋଭେନିଆ	୨୦,୭୮,୯୩୮	୧୩,୧୨,୯୮୭	୮,୬୪୧	୭,୦୨୩	୦.୫	୧୨,୯୭,୩୨୩	୨୭,୨୧,୯୧୪	୫୬୯	୧୬	୬,୩୧,୫୫୨
ସୋମାଲିଆ	୧,୫୮,୯୩,୨୨୨	୨୭,୩୨୪	୧୩	୧,୩୬୧	୫.୦	୨୫,୯୫୦	୪,୦୦,୪୬୬	୧	୦	୧,୭୧୯
ଦକ୍ଷିଣ ଆଫ୍ରିକା	୫,୯୩,୦୮,୬୯୦	୪୦,୫୦,୪୨୨	୪,୩୯୩	୧,୦୨,୫୯୫	୨.୫	୩୯,୪୩,୪୩୪	୨,୬୫,୧୪,୨୩୭	୧୫୮	୧୨୫	୬୮,୨୯୯
ଦକ୍ଷିଣ କୋରିଆ	୫,୧୨,୬୯,୧୮୫	୨,୯୬,୪୮,୫୨୦	୪,୮୩,୨୩୦	୩୨,୯୫୯	୦.୧	୨,୯୧,୩୨,୩୩୧	୧୫,୯୭,୮୯,୫୧୩	୬୩,୯୯୦	୫୦୮	୫,୭୮,୧୬୪
ଦକ୍ଷିଣ ସୁଦାନ	୧,୧୧,୯୩,୭୨୫	୧୮,୩୬୮	୧୫	୧୩୮	୦.୮	୧୮,୨୧୫	୨,୭୧,୩୦୮	୦	୦	୧,୬୪୧
ସ୍ପେନ	୪,୬୭,୫୪,୭୭୮	୧,୩୭,୭୫,୨୩୪	୩,୨୪,୯୪୪	୧,୧୭,୪୮୮	୦.୯	୧,୩୩,୩୨,୮୦୨	୪୭,୧୦,୩୬,୩୨୮	୧,୯୪୯	୩୩୨	୨,୯୪,୭୪୧
ଶ୍ରୀଲଙ୍କା	୨,୧୪,୧୩,୨୪୯	୬,୭୧,୫୬୦	୨୪୧	୧୬,୮୩୧	୨.୫	୬,୫୪,୪୮୮	୬୫,୮୨,୫୦୦	୧୨	୦	୩୧,୩୬୧
ସୁଦାନ	୪,୩୮,୪୯,୨୬୦	୬୩,୭୪୦	୧୭୦	୫,୦୦୪	୭.୯	୫୮,୫୬୬	୫,୯୪,୧୬୮	୧	୦	୧,୪୫୪
ସୁରିନାମ	୫,୮୬,୬୩୨	୮୧,୨୦୦	୩୯୦	୧,୩୯୨	୧.୭	୭୯,୪୧୮	୨,୨୯,୪୬୪	୨	୧	୧,୩୮,୪୧୯
ସ୍ୱିଡେନ	୧,୦୦,୯୯,୨୬୫	୨୬,୭୩,୭୮୫	୬,୯୮୩	୨୧,୩୩୨	୦.୮	୨୬,୪୫,୪୭୦	୧,୮୭,୭୭,୮୫୦	୧,୨୭୮	୩୨	୨,୬୪,୭୭୩
ସ୍ୱିଜରଲାଣ୍ଡ	୮୬,୫୪,୬୨୨	୪୪,୧୫,୦୭୧	୧,୩୪,୧୬୪	୧୪,୧୩୬	୦.୩	୪୨,୬୬,୭୭୧	୨,୩୩,୪୪,୩୨୦	୫,୮୩୭	୭୪	୫,୧୦,୧୨୪
ସିରିଆ	୧,୭୫,୦୦,୬୫୮	୫୭,୪୬୭	୮୫	୩,୧୬୩	୫.୫	୫୪,୨୧୯	୧,୪୬,୨୬୯	୦	୦	୩,୨୮୪
ତାଇୱାନ	୨,୩୮,୧୬,୭୭୫	୮୯,୨୧,୦୭୬	୧,୨୮,୭୦୦	୧୫,୪୪୬	୦.୨	୮୭,୭୬,୯୩୦	୩,୦୪,୩୪,୯୪୦	୨୩,୫୮୧	୧୨୭	୩,୭୪,୫୬୫
ତାଜିକିସ୍ତାନ	୯୫,୩୭,୬୪୫	୧୭,୭୮୬	୦	୧୨୫	୦.୭	୧୭,୬୬୧	୨,୦୦,୦୦୦	୦	୦	୧,୮୬୫
ତାଞ୍ଜାନିଆ	୫,୯୭,୩୪,୨୧୮	୪୦,୨୫୯	୬୧	୮୪୫	୨.୧	୩୯,୩୫୩	୧,୦୦,୦୦୦	୧	୦	୬୭୪
ଦେଶ କିମ୍ବା କ୍ଷେତ୍ର	ଜନସଂଖ୍ୟା	ମୋଟ ସଂକ୍ରମଣ	ସକ୍ରିୟ ମାମଲା	ମୋଟ ମୃତ୍ୟୁ	% ମୃତ୍ୟୁ ହାର	ଆରୋଗ୍ୟ ହୋଇଛନ୍ତି	ପରୀକ୍ଷା ସଂଖ୍ୟା	ନୂଆ ମାମଲା	ଗୁରୁତର ଅବସ୍ଥା	ପ୍ରତି ନିୟୁତ
ଥାଇଲାଣ୍ଡ	୬,୯୭,୯୯,୯୭୮	୪୭,୧୬,୫୦୬	୫,୫୪୭	୩୩,୭୫୮	୦.୭	୪୬,୭୭,୨୦୧	୧,୭୨,୭୦,୭୭୫	୪୪୩	୧୫୨	୬୭,୫୭୪
ପୂର୍ବ ତିମୋର	୧୩,୧୮,୪୪୫	୨୩,௩୧୫	୧୨	୧୩୮	୦.୬	୨୩,୧୬୫	୨,୭୫,୪୦୯	୦	୦	୧୭,୬୮୩
ଟୋଗୋ	୮୨,୭୮,୭୨୪	୩୯,୩୩୬	୧୧	୨୯୦	୦.୭	୩୯,୦୩୫	୬,୬୧,୮୯୦	୧	୦	୪,୭୫୨
ଟ୍ରିନିଦାଦ	୧୩,୯୯,୪୮୮	୧,୮୫,୭୫୪	୭,୪୧୩	୪,୨୯୩	୨.୩	୧,୭୪,୦୪୮	୭,୭୦,୪୮୫	୧୧୩	୮	୧,୩୨,୭୩୪
ଟ୍ୟୁନିସିଆ	୧,୧୮,୧୮,୬୧୯	୧୧,୪୭,୩୬୧	୧,୬୦୮	୨୯,୨୪୭	୨.୫	୧୧,୧୬,୫୦୬	୪୮,୯୫,୮୮୮	୪୮	୧୨	୯୭,୦୯୫
ତୁର୍କୀ	୮,୪୩,୩୯,୦୬୭	୧,୬୯,୧୯,୮୫୯	୨,୧୪,୮୪୧	୧,୦୧,୧୩୯	୦.୬	୧,୬୬,୦୩,୮୭୯	୧୬,୨୭,୪୩,୨୭୭	୩,୧୧୪	୧,୧୪୪	୨,୦୦,୬୨୪
ଉଗାଣ୍ଡା	୪,୫୭,୪୧,୦୦୭	୧,୬୯,୭୦୪	୪୧୬	୩,୬୩୦	୨.୧	୧,୬୫,୬୫୮	୨୮,୯୫,୧୨୬	୧୨	୦	୩,୭୧୦
ୟୁକ୍ରେନ	୪,୩୭,୩୩,୭୬୨	୫୦,୯୮,୭୭୨	୨,୨୩,୫୫୭	୧,୦୯,୬୭୬	୨.୧	୪୭,୬୫,୫୩୯	୧,୯୭,୪୯,୭୧୭	୧,୩୭୩	୧୭୭	୧,୧୬,୫୫୬
ସଂଯୁକ୍ତ ଆରବ ଏମିରେଟ୍ସ	୯୮,୯୦,୪୦୨	୧୦,୪୩,୮୮୬	୯,୧୨୪	୨,୩୪୮	୦.୨	୧୦,୩୨,୪୧୪	୧୯,୩୫,୯୧,୯୬୭	୨୯୯	୦	୧,୦୫,୫୪୭
ଯୁକ୍ତରାଜ୍ୟ	୬,୭୮,୮୬,୦୧୧	୨,୪୧,୪୯,୨୭୮	୧,୬୧,୧୪୨	୧,୯୭,୧୫୮	୦.୮	୨,୩୭,୯୧,୦୨୮	୫୨,୨୩,୦୩,୦୬୬	୬,୩୦୯	୨୬୭	୩,୫୫,୬୫୨
ଯୁକ୍ତରାଷ୍ଟ୍ର ଆମେରିକା	୩୩,୧୦,୦୨,୬୫୧	୯,୯୮,୭୮,୫୭୬	୨୧,୨୮,୯୫୯	୧୦,୮୫,୯୨୦	୧.୧	୯,୬୬,୬୩,୬୯୭	୧,୧୩,୬୪,୩୧,୬୦୦	୩୯,୧୮୦	୩,୩୭୮	୨,୯୭,୯୦୩
ଉରୁଗୁଏ	୩୪,୭୩,୭୩୦	୧୦,୦୬,୬୧୬	୭,୨୬୪	୭,୫୬୪	୦.୮	୯,୯୧,୭୮୮	୬୧,୬୩,୯୦୩	୩୯୪	୧୩	୨,୮୯,୧୦୮
ଉଜବେକିସ୍ତାନ	୩,୩୪,୬୯,୨୦୩	୨,୪୪,୧୨୫	୧,୨୭୪	୧,୬୩୭	୦.୭	୨,୪୧,୨୧୪	୧,୩୩,୫୦,୦୦୦	୪୯	୨୩	୭,୨୫୪
ଭାନୁଆଟୁ	୩,୦୭,୧୪୫	୧୨,୦୧୪	୬୩	୧୪	୦.୧	୧୧,୯୩୭	୨୪,୯୭୬	୧	୦	୩୮,୬୮୦
ଭେନେଜୁଏଲା	୨,୮୪,୩୫,୯୪୦	୫,୪୪,୨୦୧	୧,୮୨୩	୫,୮୨୧	୧.୧	୫,୩୬,୫୫୭	୩୩,୫୯,୦୧୪	୭୧	୯୮	୧୯,୧୩୯
ଭିଏତନାମ	୯,୭୩,୩୮,୫୭୯	୧,୧୫,୨୧,୩୪୧	୬,୮୫୬	୪୩,୧୮୬	୦.୪	୧,୦୬,୦୬,୦୯୪	୮,୫୮,୨୬,୫୪୮	୩୩୦	୧୦	୧,୧୮,୩୫୨
ୟେମେନ	୨,୯୮,୨୫,୯୬୪	୧୧,୯୪୫	୩୩	୨,୧୫୯	୧୮.୧	୯,୧୨୪	୩,୪୫,୦୦୦	୦	୦	୪୦୦
ଜାମ୍ବିଆ	୧,୮୩,୮୩,୯୫୫	୩,୩୩,୨୪୨	୧,୪୬୭	୪,୦୧୯	୧.୨	୩,୨୭,୭୫୬	୩୮,୩୦,୦୧୪	୪୭	୦	୧୮,୧୨୬
ଜିମ୍ବାବ୍ୱେ	୧,୪୮,୬୨,୯୨୪	୨,୫୯,୨୦୦	୯୮୩	୫,୬୧୭	୨.୨	୨,୫୨,୬୦୦	୨୪,୨୧,୭୩୪	୩୮	୧୨	୧୭,୪୪୦
ହଂକଂ	୭୪,୯୬,୯୮୧	୨୦,୫୮,୩୦୨	୮,୫୨,୭୫୯	୧୦,୫୩୬	୦.୫	୧୧,୯୫,୦୦୭	୭,୩୯,୬୧,୮୦୩	୧୭,୩୧୦	୧୦୯	୨,୭୪,୫୫୮
ମାକାଉ	୬,୪୯,୩୩୫	୨,୩୧୫	୧୧୮	୬	୦.୩	୨,୧୯୧	୮,୫୦,୦୦୦	୫	୦	୩,୫୬୫
ପୁଏର୍ଟୋ ରିକୋ	୨୮,୬୦,୮୫୩	୧୧,୧୦,୮୬୫	୨୭,୨୧୧	୫,୪୨୨	୦.୫	୧୦,୭୮,୨୩୨	୩୦,୦୦,୦୦୦	୨,୦୦୩	୭୨	୩,୮୮,୩୦୬
ଗୁଆମ	୧,୬୮,୭୭୫	୫୭,୩୩୧	୭୪୬	୩୮୦	୦.୭	୫୬,୨୦୫	୪,୬୫,୦୦୦	୪୦	୨	୩,୩୯,୬୯୯
ଗ୍ରୀନଲାଣ୍ଡ	୫୬,୭୭୦	୧୧,୯୭୧	୨୪	୨୧	୦.୨	୧୧,୯୨୬	୧,୬୪,୯୨୬	୦	୦	୨,୧୦,୮୭୨
ଫାରୋ ଦ୍ୱୀପ	୪୮,୮୬୫	୩୪,୬୫୮	୪୫	୨୮	୦.୧	୩୪,୫୮୫	୭,୭୮,୦୦୦	୦	୦	୭,୦୯,୨୫୨
ଜିବ୍ରାଲ୍ଟର	୩୩,୬୯୧	୨୦,୨୬୭	୭୧	୧୦୯	୦.୫	୨୦,୦୮୭	୫,୦୦,୦୦୦	୧	୦	୬,୦୧,୫୫୭
ବର୍ମୁଡା	୬୨,୨୭୮	୧୮,୬୦୦	୧୫୬	୧୫୫	୦.୮	୧୮,୨୮୯	୯,୨୬,୦୦୦	୪	୦	୨,୯୮,୬୫୭
କାୟମାନ ଦ୍ୱୀପ	୬୫,୭୨୨	୩୧,୦୦୭	୧,୯୨୮	୩୩	୦.୧	୨୯,୦୪୬	୨,୬୩,୦୦୦	୮୪	୦	୪,୭୧,୭୯୨
ଆରୁବା	୧,୦୬,୭୬୬	୪୩,୪୮୫	୩୨୦	୨୩୬	୦.୫	୪୨,୯୨୯	୧,୭୭,୦୦୦	୧୨	୧	୪,୦୭,୨୯୬
କୁରାସାଓ	୧,୬୪,୦୯୩	୪୫,୮୮୩	୧,୧୭୪	୨୯୫	୦.୬	୪୪,୪୧୪	୪,୯୧,୦୦୦	୫୧	୧	୨,୭୯,୬୧୮
ନ୍ୟୁ କାଲେଡୋନିଆ	୨,୮୫,୪୯୮	୭୯,୯୯୦	୪୨୪	୩୧୪	୦.୪	୭୯,୨୫୨	୨,୬୩,୦୦୦	୨୪	୦	୨,୮୦,୧୭୩
ଫ୍ରେଞ୍ଚ ପଲିନେସିଆ	୨,୮୦,୯୦୮	୭୫,୯୦୧	୧୭୧	୬୪୯	୦.୯	୭୫,୦୮୧	୨,୫୦,୦୦୦	୯	୦	୨,୭୦,୨୦୦
ରିୟୁନିଅନ	୮,୯୫,୩୧୨	୪,୯୪,୫୯୫	୨,୯୧୮	୯୨୧	୦.୨	୪,୯୦,୭୫୬	୧୦,୦୦,୦୦୦	୨୯୦	୧୨	୫,୫୨,୪୩୮
ମାର୍ଟିନିକ	୩,୭୫,୨୬୫	୨,୨୮,୫୬୪	୨,୦୫୮	୧,୦୬୮	୦.୫	୨,୨୫,୪୩୮	୮,୪୧,୦୦୦	୬୮	୧୧	୬,୦୯,୧୩୫
ଗୁଆଡେଲୁପ	୪,୦୦,୧୨୪	୨,୦୫,୪୨୮	୩,୧୫୦	୧,୦୦୮	୦.୫	୨,୦୧,୨୭୦	୯,୩୮,୦୦୦	୭୮	୬	୫,୧୩,୪୨୮
ମାୟୋଟ	୨,୭୨,୮୧୫	୪୨,୦୨୭	୩୬	୧୮୭	୦.୪	୪୧,୮୦୪	୧,୮୦,୦୦୦	୧	୦	୧,୫୪,୦୫୦
ଫ୍ରେଞ୍ଚ ଗୁଇଆନା	୨,୯୮,୬୮୨	୯୭,୦୫୦	୧,୭୬୬	୪୧୩	୦.୪	୯୪,୮୭୧	୫,୬୦,୦୦୦	୩୮	୪	୩,୨୪,୯୨୧
ଆଇଲ ଅଫ ମ୍ୟାନ	୮୫,୦୩୨	୩୮,୦୦୮	୨୬	୧୧୬	୦.୩	୩୭,୮୬୬	୧,୫୦,୫୭୫	୦	୦	୪,୪୬,୯୭୦
ଜର୍ସି	୧,୦୧,୦୭୩	୬୬,୩୯୧	୧୩୪	୧୬୧	୦.୨	୬୬,୦୯୬	୭,୪୪,୦୦୦	୨	୦	୬,୫୬,୮୪୬
ଅନ୍ୟାନ୍ୟ କ୍ଷେତ୍ର	୧,୯୯,୬୪,୫୮୮	୬,୮୬,୧୧୪	୨,୦୨୨	୪,୮୮୬	୦.୭	୬,୭୯,୨୦୬	୪୭,୦୮,୨୫୫	୮୧	୭	୩୪,୩୭୦
ସର୍ବମୋଟ (ବିଶ୍ୱ ଦେଶ ଓ କ୍ଷେତ୍ର)	୭,୮୫,୭୯,୨୭,୯୧୦	୬୪,୮୭,୩୨,୬୫୩	୨,୮୦,୧୨,୩୨୫	୬୬,୨୯,୬୫୨	୧.୦	୬୧,୪୦,୯୦,୬୭୬	୬,୯୪,୫୦,୮୫,୫୫୫	୩,୫୭,୧୯୦	୪୧,୬୫୫	୮୩,୨୩୫
